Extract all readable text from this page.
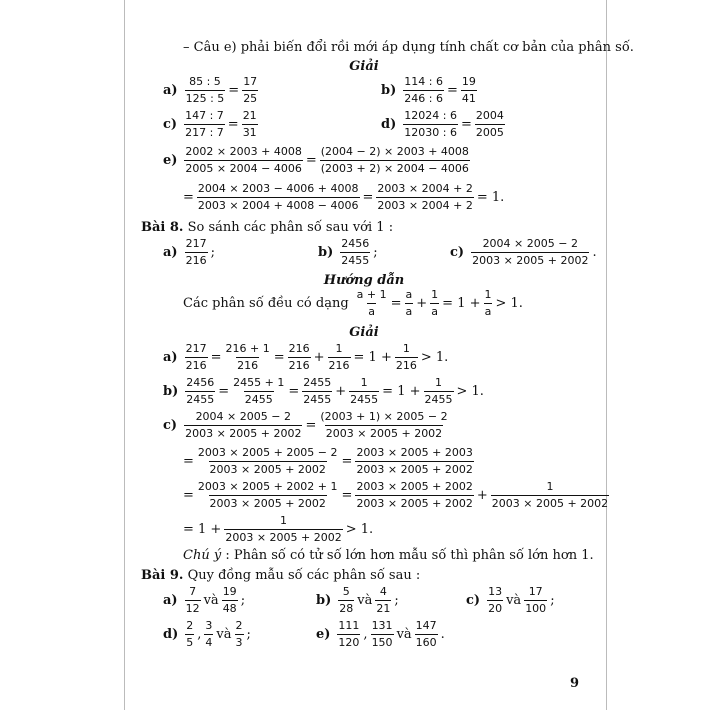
– Câu e) phải biến đổi rồi mới áp dụng tính chất cơ bản của phân số.
Giải
$a) \frac{85 : 5}{125 : 5} = \frac{17}{25}$	$b) \frac{114 : 6}{246 : 6} = \frac{19}{41}$
$c) \frac{147 : 7}{217 : 7} = \frac{21}{31}$	$d) \frac{12024 : 6}{12030 : 6} = \frac{2004}{2005}$
$e) \frac{2002 \times 2003 + 4008}{2005 \times 2004 - 4006} = \frac{(2004 - 2) \times 2003 + 4008}{(2003 + 2) \times 2004 - 4006}$
= $\frac{2004 \times 2003 - 4006 + 4008}{2003 \times 2004 + 4008 - 4006} = \frac{2003 \times 2004 + 2}{2003 \times 2004 + 2} = 1$.
Bài 8.
So sánh các phân số sau với 1 :
$a) \frac{217}{216}$ ;	$b) \frac{2456}{2455}$ ;	$c) \frac{2004 \times 2005 - 2}{2003 \times 2005 + 2002}$ .
Hướng dẫn
Các phân số đều có dạng $\frac{a + 1}{a} = \frac{a}{a} + \frac{1}{a} = 1 + \frac{1}{a} > 1$.
Giải
$a) \frac{217}{216} = \frac{216 + 1}{216} = \frac{216}{216} + \frac{1}{216} = 1 + \frac{1}{216} > 1$.
$b) \frac{2456}{2455} = \frac{2455 + 1}{2455} = \frac{2455}{2455} + \frac{1}{2455} = 1 + \frac{1}{2455} > 1$.
$c) \frac{2004 \times 2005 - 2}{2003 \times 2005 + 2002} = \frac{(2003 + 1) \times 2005 - 2}{2003 \times 2005 + 2002}$
= $\frac{2003 \times 2005 + 2005 - 2}{2003 \times 2005 + 2002} = \frac{2003 \times 2005 + 2003}{2003 \times 2005 + 2002}$
= $\frac{2003 \times 2005 + 2002 + 1}{2003 \times 2005 + 2002} = \frac{2003 \times 2005 + 2002}{2003 \times 2005 + 2002} + \frac{1}{2003 \times 2005 + 2002}$
= $1 + \frac{1}{2003 \times 2005 + 2002} > 1$.
Chú ý
: Phân số có tử số lớn hơn mẫu số thì phân số lớn hơn 1.
Bài 9.
Quy đồng mẫu số các phân số sau :
$a) \frac{7}{12}$ và $\frac{19}{48}$ ;	$b) \frac{5}{28}$ và $\frac{4}{21}$ ;	$c) \frac{13}{20}$ và $\frac{17}{100}$ ;
$d) \frac{2}{5}$ , $\frac{3}{4}$ và $\frac{2}{3}$ ;	$e) \frac{111}{120}$ , $\frac{131}{150}$ và $\frac{147}{160}$ .
9
